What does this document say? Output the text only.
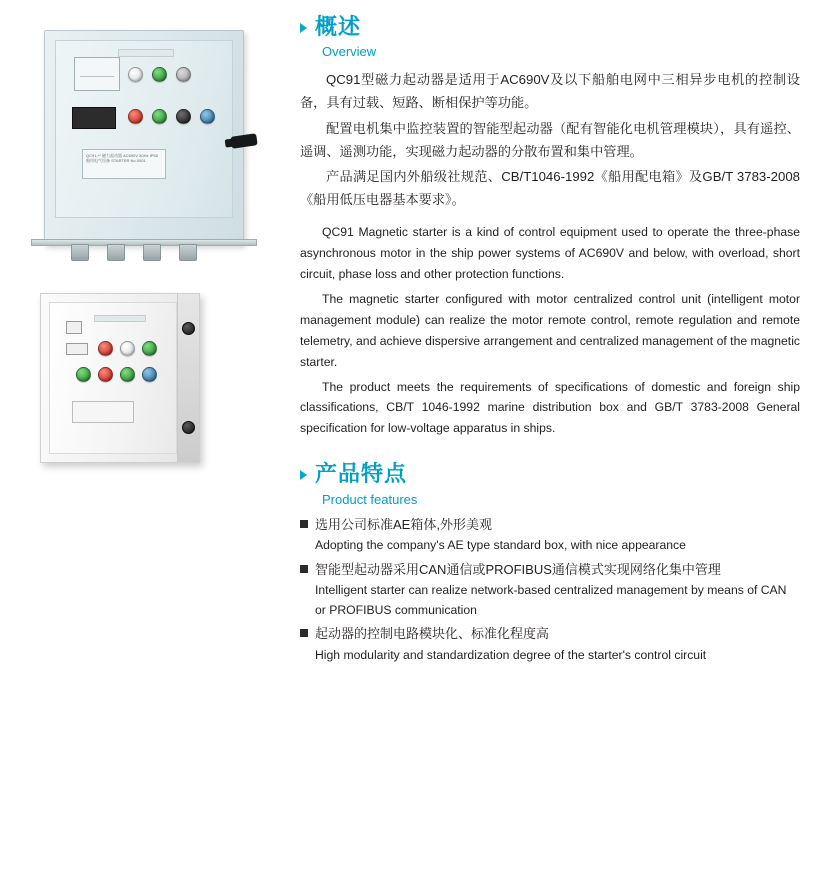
QC91-** 磁力起动器 AC690V 50Hz IP56 船用电气设备 STARTER No.0001
概述
Overview

QC91型磁力起动器是适用于AC690V及以下船舶电网中三相异步电机的控制设备，具有过载、短路、断相保护等功能。

配置电机集中监控装置的智能型起动器（配有智能化电机管理模块），具有遥控、遥调、遥测功能，实现磁力起动器的分散布置和集中管理。

产品满足国内外船级社规范、CB/T1046-1992《船用配电箱》及GB/T 3783-2008《船用低压电器基本要求》。

QC91 Magnetic starter is a kind of control equipment used to operate the three-phase asynchronous motor in the ship power systems of AC690V and below, with overload, short circuit, phase loss and other protection functions.

The magnetic starter configured with motor centralized control unit (intelligent motor management module) can realize the motor remote control, remote regulation and remote telemetry, and achieve dispersive arrangement and centralized management of the magnetic starter.

The product meets the requirements of specifications of domestic and foreign ship classifications, CB/T 1046-1992 marine distribution box and GB/T 3783-2008 General specification for low-voltage apparatus in ships.

产品特点
Product features
选用公司标准AE箱体,外形美观
Adopting the company's AE type standard box, with nice appearance
智能型起动器采用CAN通信或PROFIBUS通信模式实现网络化集中管理
Intelligent starter can realize network-based centralized management by means of CAN or PROFIBUS communication
起动器的控制电路模块化、标准化程度高
High modularity and standardization degree of the starter's control circuit
